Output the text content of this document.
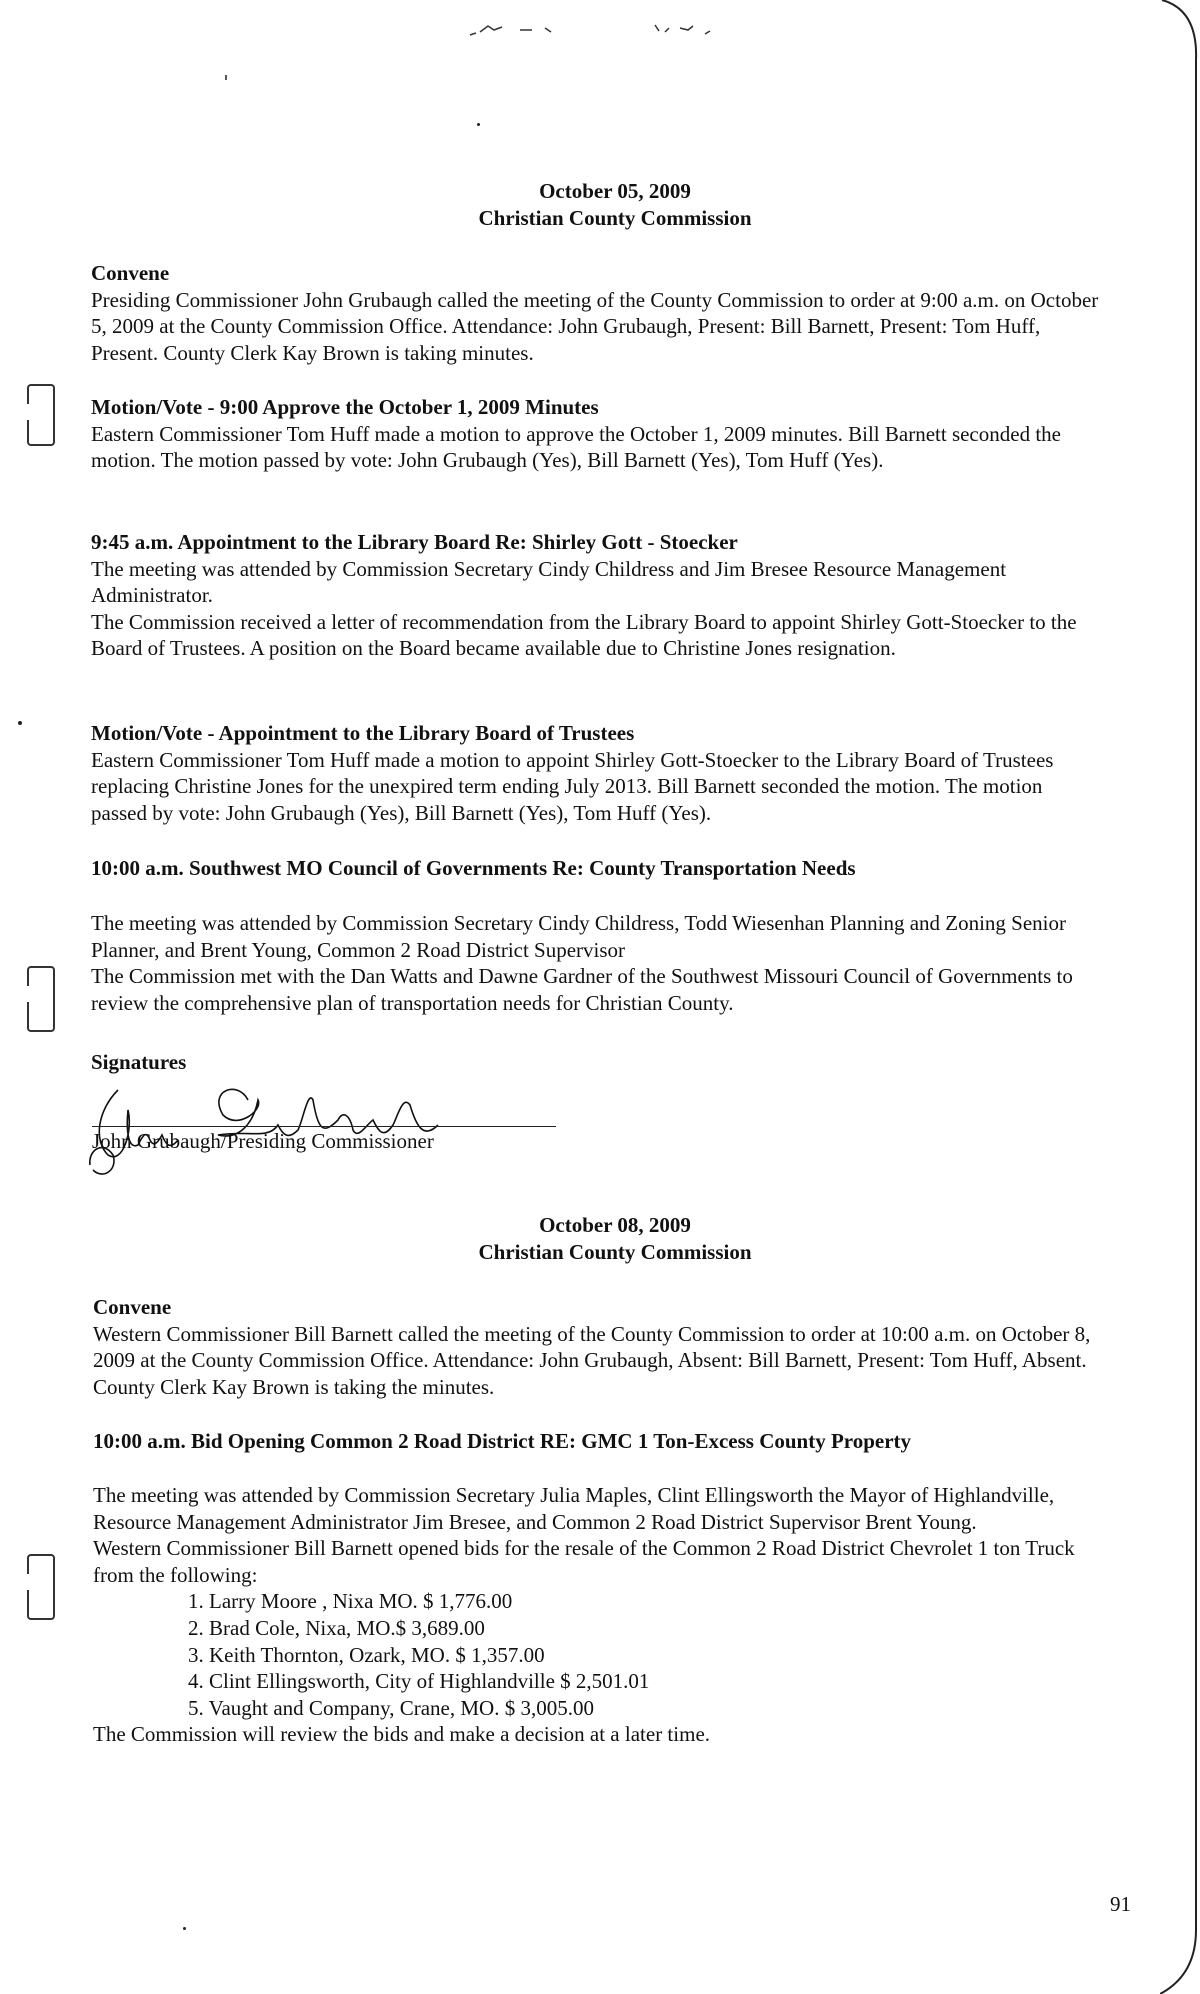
October 05, 2009
Christian County Commission

Convene

Presiding Commissioner John Grubaugh called the meeting of the County Commission to order at 9:00 a.m. on October 5, 2009 at the County Commission Office. Attendance: John Grubaugh, Present: Bill Barnett, Present: Tom Huff, Present. County Clerk Kay Brown is taking minutes.

Motion/Vote - 9:00 Approve the October 1, 2009 Minutes

Eastern Commissioner Tom Huff made a motion to approve the October 1, 2009 minutes. Bill Barnett seconded the motion. The motion passed by vote: John Grubaugh (Yes), Bill Barnett (Yes), Tom Huff (Yes).

9:45 a.m. Appointment to the Library Board Re: Shirley Gott - Stoecker

The meeting was attended by Commission Secretary Cindy Childress and Jim Bresee Resource Management Administrator.

The Commission received a letter of recommendation from the Library Board to appoint Shirley Gott-Stoecker to the Board of Trustees. A position on the Board became available due to Christine Jones resignation.

Motion/Vote - Appointment to the Library Board of Trustees

Eastern Commissioner Tom Huff made a motion to appoint Shirley Gott-Stoecker to the Library Board of Trustees replacing Christine Jones for the unexpired term ending July 2013. Bill Barnett seconded the motion. The motion passed by vote: John Grubaugh (Yes), Bill Barnett (Yes), Tom Huff (Yes).

10:00 a.m. Southwest MO Council of Governments Re: County Transportation Needs

The meeting was attended by Commission Secretary Cindy Childress, Todd Wiesenhan Planning and Zoning Senior Planner, and Brent Young, Common 2 Road District Supervisor

The Commission met with the Dan Watts and Dawne Gardner of the Southwest Missouri Council of Governments to review the comprehensive plan of transportation needs for Christian County.

Signatures

John Grubaugh/Presiding Commissioner
October 08, 2009
Christian County Commission

Convene

Western Commissioner Bill Barnett called the meeting of the County Commission to order at 10:00 a.m. on October 8, 2009 at the County Commission Office. Attendance: John Grubaugh, Absent: Bill Barnett, Present: Tom Huff, Absent. County Clerk Kay Brown is taking the minutes.

10:00 a.m. Bid Opening Common 2 Road District RE: GMC 1 Ton-Excess County Property

The meeting was attended by Commission Secretary Julia Maples, Clint Ellingsworth the Mayor of Highlandville, Resource Management Administrator Jim Bresee, and Common 2 Road District Supervisor Brent Young.

Western Commissioner Bill Barnett opened bids for the resale of the Common 2 Road District Chevrolet 1 ton Truck from the following:

1. Larry Moore , Nixa MO. $ 1,776.00
2. Brad Cole, Nixa, MO.$ 3,689.00
3. Keith Thornton, Ozark, MO. $ 1,357.00
4. Clint Ellingsworth, City of Highlandville $ 2,501.01
5. Vaught and Company, Crane, MO. $ 3,005.00

The Commission will review the bids and make a decision at a later time.

91
